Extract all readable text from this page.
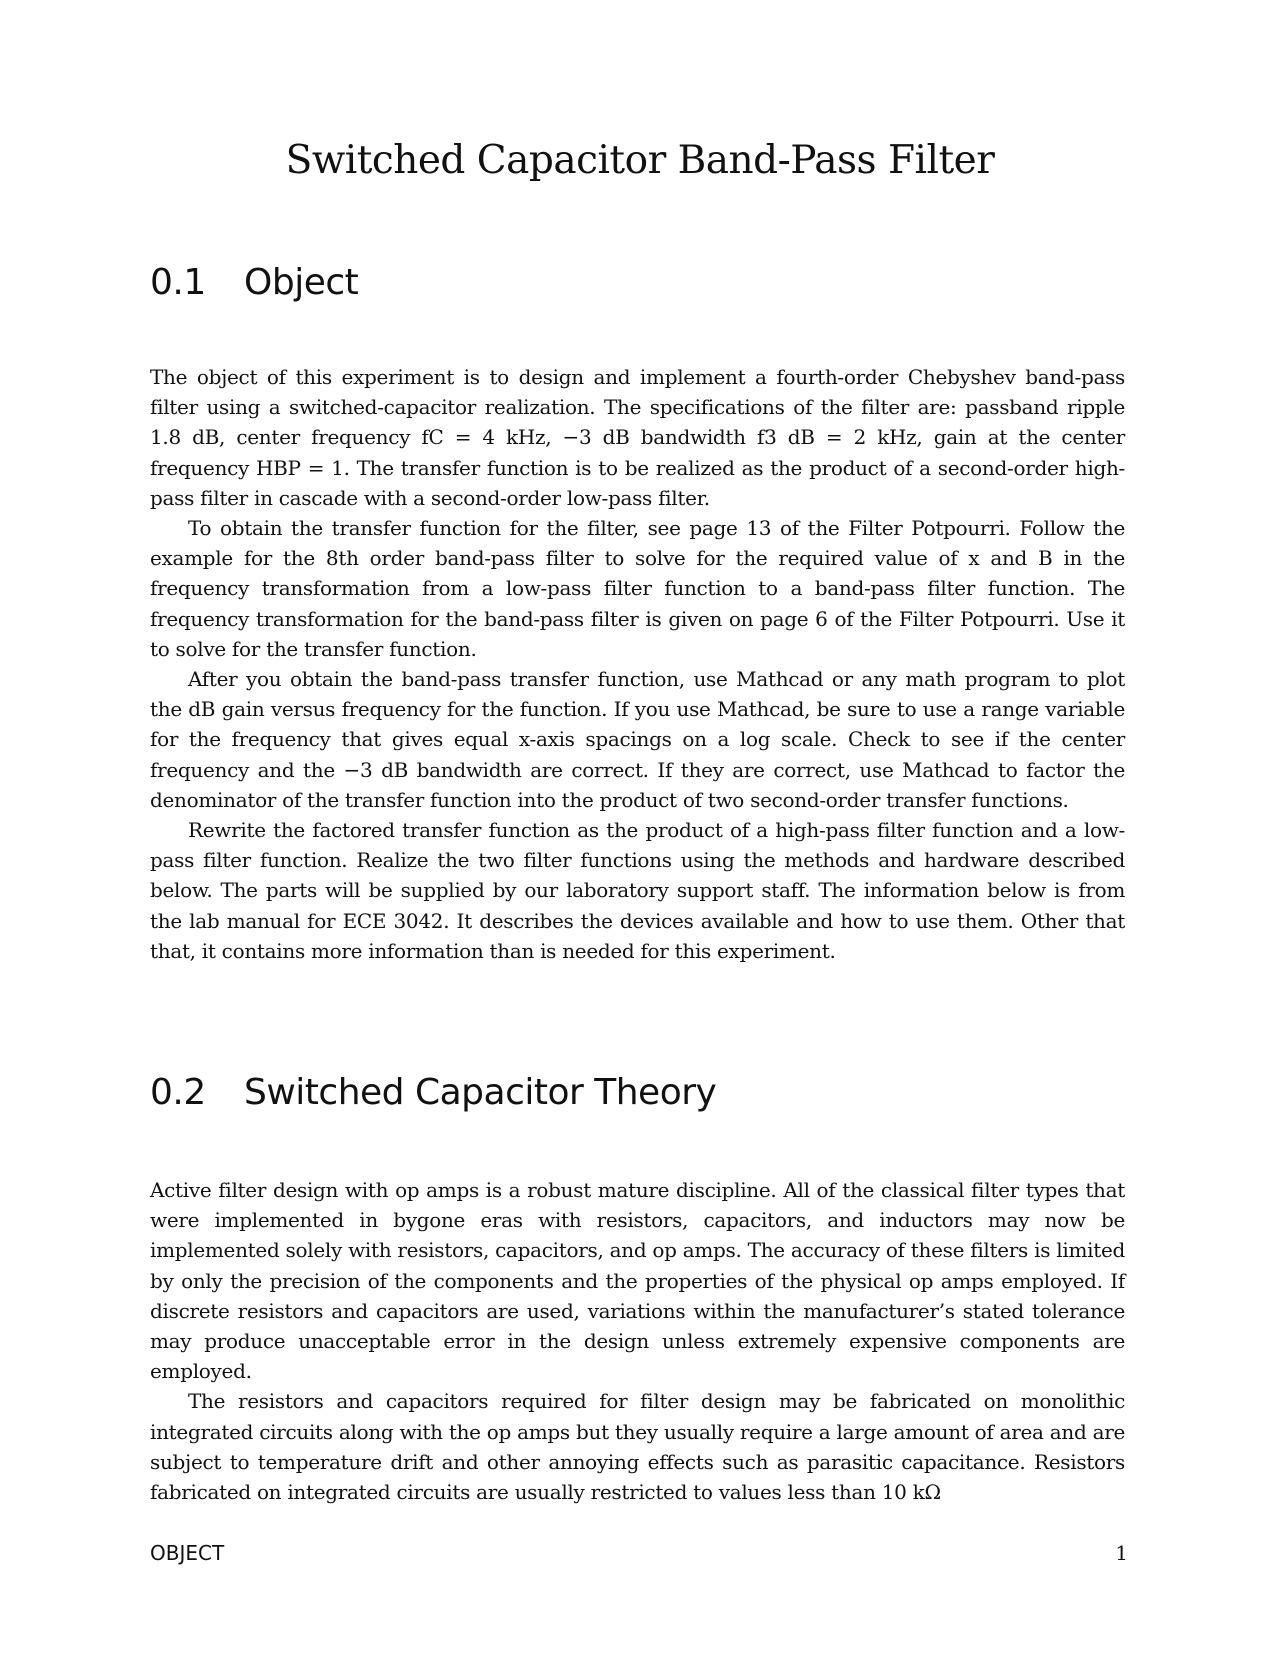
Switched Capacitor Band-Pass Filter
0.1 Object

The object of this experiment is to design and implement a fourth-order Chebyshev band-pass filter using a switched-capacitor realization. The specifications of the filter are: passband ripple 1.8 dB, center frequency fC = 4 kHz, −3 dB bandwidth f3 dB = 2 kHz, gain at the center frequency HBP = 1. The transfer function is to be realized as the product of a second-order high-pass filter in cascade with a second-order low-pass filter.

To obtain the transfer function for the filter, see page 13 of the Filter Potpourri. Follow the example for the 8th order band-pass filter to solve for the required value of x and B in the frequency transformation from a low-pass filter function to a band-pass filter function. The frequency transformation for the band-pass filter is given on page 6 of the Filter Potpourri. Use it to solve for the transfer function.

After you obtain the band-pass transfer function, use Mathcad or any math program to plot the dB gain versus frequency for the function. If you use Mathcad, be sure to use a range variable for the frequency that gives equal x-axis spacings on a log scale. Check to see if the center frequency and the −3 dB bandwidth are correct. If they are correct, use Mathcad to factor the denominator of the transfer function into the product of two second-order transfer functions.

Rewrite the factored transfer function as the product of a high-pass filter function and a low-pass filter function. Realize the two filter functions using the methods and hardware described below. The parts will be supplied by our laboratory support staff. The information below is from the lab manual for ECE 3042. It describes the devices available and how to use them. Other that that, it contains more information than is needed for this experiment.

0.2 Switched Capacitor Theory

Active filter design with op amps is a robust mature discipline. All of the classical filter types that were implemented in bygone eras with resistors, capacitors, and inductors may now be implemented solely with resistors, capacitors, and op amps. The accuracy of these filters is limited by only the precision of the components and the properties of the physical op amps employed. If discrete resistors and capacitors are used, variations within the manufacturer’s stated tolerance may produce unacceptable error in the design unless extremely expensive components are employed.

The resistors and capacitors required for filter design may be fabricated on monolithic integrated circuits along with the op amps but they usually require a large amount of area and are subject to temperature drift and other annoying effects such as parasitic capacitance. Resistors fabricated on integrated circuits are usually restricted to values less than 10 kΩ

OBJECT	1
